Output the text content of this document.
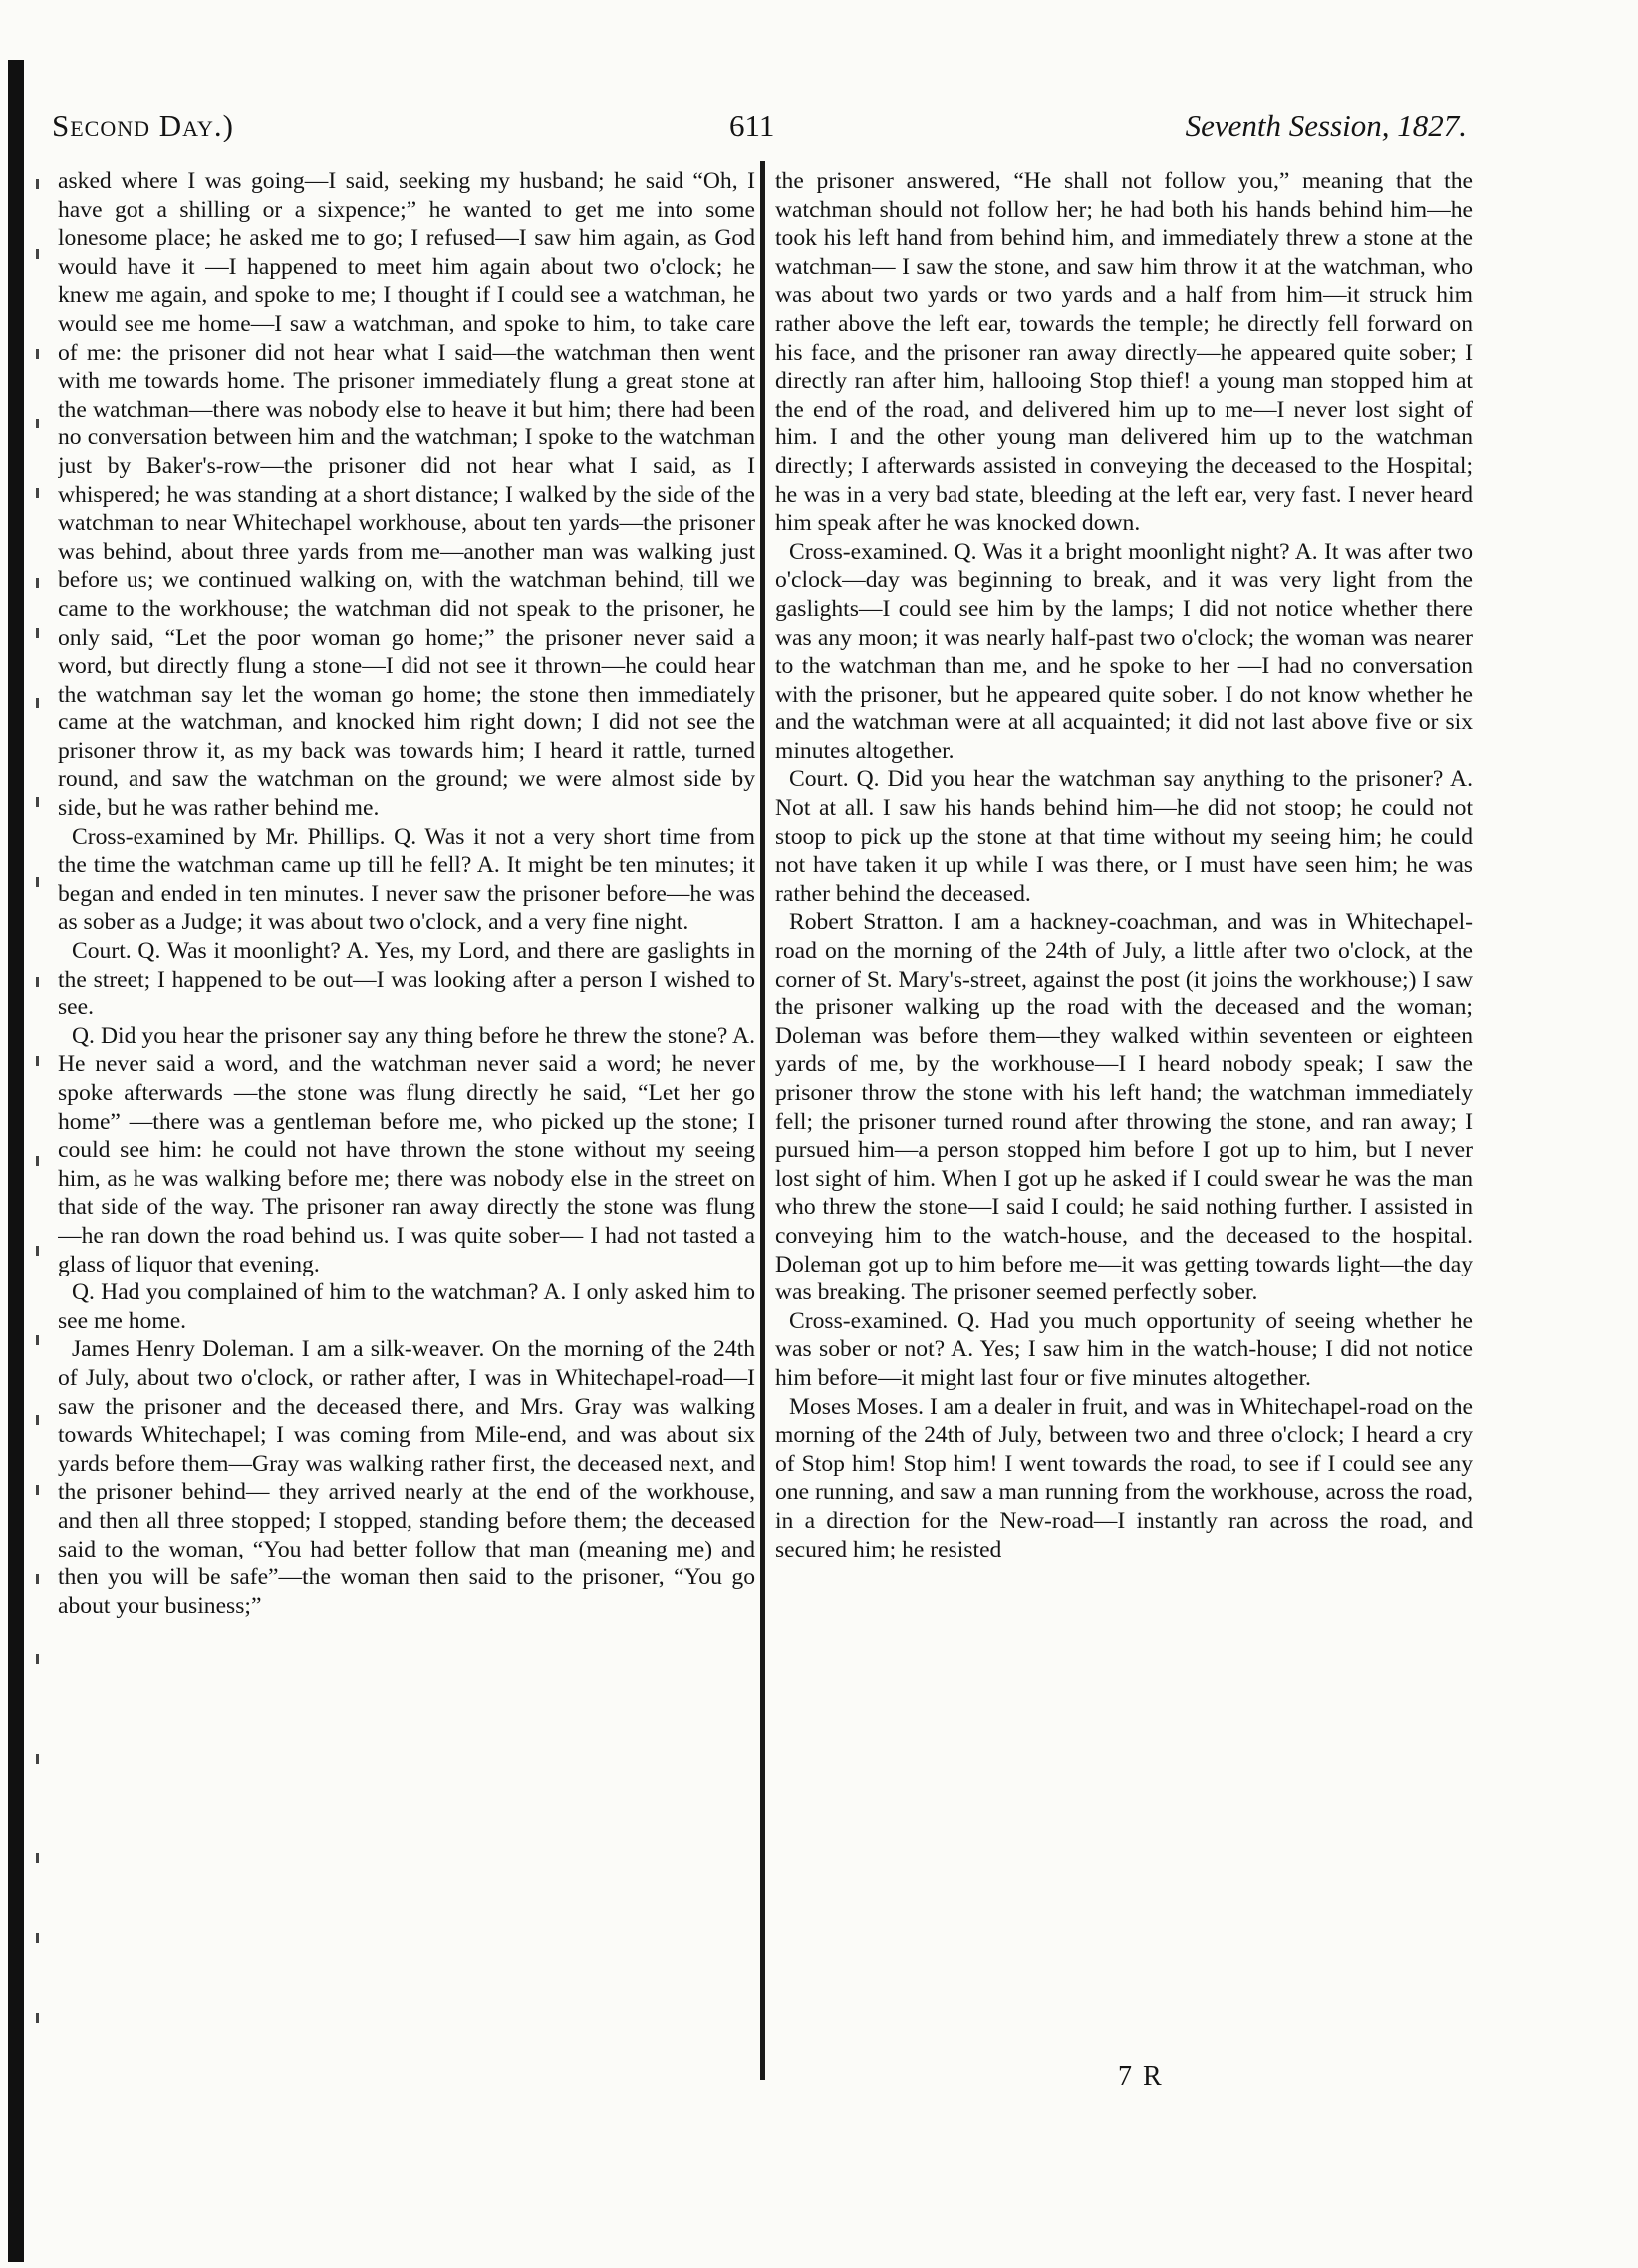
Second Day.)	611	Seventh Session, 1827.

asked where I was going—I said, seeking my husband; he said “Oh, I have got a shilling or a sixpence;” he wanted to get me into some lonesome place; he asked me to go; I refused—I saw him again, as God would have it —I happened to meet him again about two o'clock; he knew me again, and spoke to me; I thought if I could see a watchman, he would see me home—I saw a watchman, and spoke to him, to take care of me: the prisoner did not hear what I said—the watchman then went with me towards home. The prisoner immediately flung a great stone at the watchman—there was nobody else to heave it but him; there had been no conversation between him and the watchman; I spoke to the watchman just by Baker's-row—the prisoner did not hear what I said, as I whispered; he was standing at a short distance; I walked by the side of the watchman to near Whitechapel workhouse, about ten yards—the prisoner was behind, about three yards from me—another man was walking just before us; we continued walking on, with the watchman behind, till we came to the workhouse; the watchman did not speak to the prisoner, he only said, “Let the poor woman go home;” the prisoner never said a word, but directly flung a stone—I did not see it thrown—he could hear the watchman say let the woman go home; the stone then immediately came at the watchman, and knocked him right down; I did not see the prisoner throw it, as my back was towards him; I heard it rattle, turned round, and saw the watchman on the ground; we were almost side by side, but he was rather behind me.

Cross-examined by Mr. Phillips. Q. Was it not a very short time from the time the watchman came up till he fell? A. It might be ten minutes; it began and ended in ten minutes. I never saw the prisoner before—he was as sober as a Judge; it was about two o'clock, and a very fine night.

Court. Q. Was it moonlight? A. Yes, my Lord, and there are gaslights in the street; I happened to be out—I was looking after a person I wished to see.

Q. Did you hear the prisoner say any thing before he threw the stone? A. He never said a word, and the watchman never said a word; he never spoke afterwards —the stone was flung directly he said, “Let her go home” —there was a gentleman before me, who picked up the stone; I could see him: he could not have thrown the stone without my seeing him, as he was walking before me; there was nobody else in the street on that side of the way. The prisoner ran away directly the stone was flung —he ran down the road behind us. I was quite sober— I had not tasted a glass of liquor that evening.

Q. Had you complained of him to the watchman? A. I only asked him to see me home.

James Henry Doleman. I am a silk-weaver. On the morning of the 24th of July, about two o'clock, or rather after, I was in Whitechapel-road—I saw the prisoner and the deceased there, and Mrs. Gray was walking towards Whitechapel; I was coming from Mile-end, and was about six yards before them—Gray was walking rather first, the deceased next, and the prisoner behind— they arrived nearly at the end of the workhouse, and then all three stopped; I stopped, standing before them; the deceased said to the woman, “You had better follow that man (meaning me) and then you will be safe”—the woman then said to the prisoner, “You go about your business;”

the prisoner answered, “He shall not follow you,” meaning that the watchman should not follow her; he had both his hands behind him—he took his left hand from behind him, and immediately threw a stone at the watchman— I saw the stone, and saw him throw it at the watchman, who was about two yards or two yards and a half from him—it struck him rather above the left ear, towards the temple; he directly fell forward on his face, and the prisoner ran away directly—he appeared quite sober; I directly ran after him, hallooing Stop thief! a young man stopped him at the end of the road, and delivered him up to me—I never lost sight of him. I and the other young man delivered him up to the watchman directly; I afterwards assisted in conveying the deceased to the Hospital; he was in a very bad state, bleeding at the left ear, very fast. I never heard him speak after he was knocked down.

Cross-examined. Q. Was it a bright moonlight night? A. It was after two o'clock—day was beginning to break, and it was very light from the gaslights—I could see him by the lamps; I did not notice whether there was any moon; it was nearly half-past two o'clock; the woman was nearer to the watchman than me, and he spoke to her —I had no conversation with the prisoner, but he appeared quite sober. I do not know whether he and the watchman were at all acquainted; it did not last above five or six minutes altogether.

Court. Q. Did you hear the watchman say anything to the prisoner? A. Not at all. I saw his hands behind him—he did not stoop; he could not stoop to pick up the stone at that time without my seeing him; he could not have taken it up while I was there, or I must have seen him; he was rather behind the deceased.

Robert Stratton. I am a hackney-coachman, and was in Whitechapel-road on the morning of the 24th of July, a little after two o'clock, at the corner of St. Mary's-street, against the post (it joins the workhouse;) I saw the prisoner walking up the road with the deceased and the woman; Doleman was before them—they walked within seventeen or eighteen yards of me, by the workhouse—I I heard nobody speak; I saw the prisoner throw the stone with his left hand; the watchman immediately fell; the prisoner turned round after throwing the stone, and ran away; I pursued him—a person stopped him before I got up to him, but I never lost sight of him. When I got up he asked if I could swear he was the man who threw the stone—I said I could; he said nothing further. I assisted in conveying him to the watch-house, and the deceased to the hospital. Doleman got up to him before me—it was getting towards light—the day was breaking. The prisoner seemed perfectly sober.

Cross-examined. Q. Had you much opportunity of seeing whether he was sober or not? A. Yes; I saw him in the watch-house; I did not notice him before—it might last four or five minutes altogether.

Moses Moses. I am a dealer in fruit, and was in Whitechapel-road on the morning of the 24th of July, between two and three o'clock; I heard a cry of Stop him! Stop him! I went towards the road, to see if I could see any one running, and saw a man running from the workhouse, across the road, in a direction for the New-road—I instantly ran across the road, and secured him; he resisted

7 R
